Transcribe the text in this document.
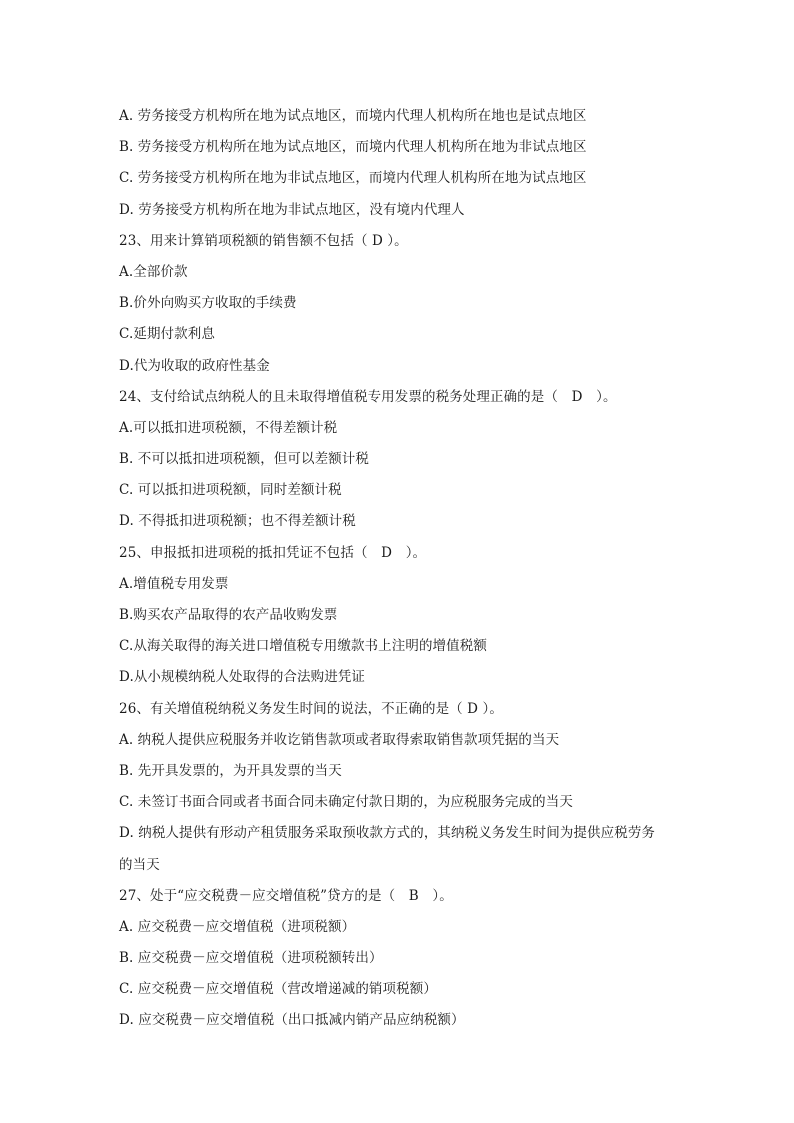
A. 劳务接受方机构所在地为试点地区，而境内代理人机构所在地也是试点地区
B. 劳务接受方机构所在地为试点地区，而境内代理人机构所在地为非试点地区
C. 劳务接受方机构所在地为非试点地区，而境内代理人机构所在地为试点地区
D. 劳务接受方机构所在地为非试点地区，没有境内代理人
23、用来计算销项税额的销售额不包括（ D ）。
A.全部价款
B.价外向购买方收取的手续费
C.延期付款利息
D.代为收取的政府性基金
24、支付给试点纳税人的且未取得增值税专用发票的税务处理正确的是（　D　）。
A.可以抵扣进项税额，不得差额计税
B. 不可以抵扣进项税额，但可以差额计税
C. 可以抵扣进项税额，同时差额计税
D. 不得抵扣进项税额；也不得差额计税
25、申报抵扣进项税的抵扣凭证不包括（　D　）。
A.增值税专用发票
B.购买农产品取得的农产品收购发票
C.从海关取得的海关进口增值税专用缴款书上注明的增值税额
D.从小规模纳税人处取得的合法购进凭证
26、有关增值税纳税义务发生时间的说法，不正确的是（ D ）。
A. 纳税人提供应税服务并收讫销售款项或者取得索取销售款项凭据的当天
B. 先开具发票的，为开具发票的当天
C. 未签订书面合同或者书面合同未确定付款日期的，为应税服务完成的当天
D. 纳税人提供有形动产租赁服务采取预收款方式的，其纳税义务发生时间为提供应税劳务
的当天
27、处于“应交税费－应交增值税”贷方的是（　B　）。
A. 应交税费－应交增值税（进项税额）
B. 应交税费－应交增值税（进项税额转出）
C. 应交税费－应交增值税（营改增递减的销项税额）
D. 应交税费－应交增值税（出口抵减内销产品应纳税额）
